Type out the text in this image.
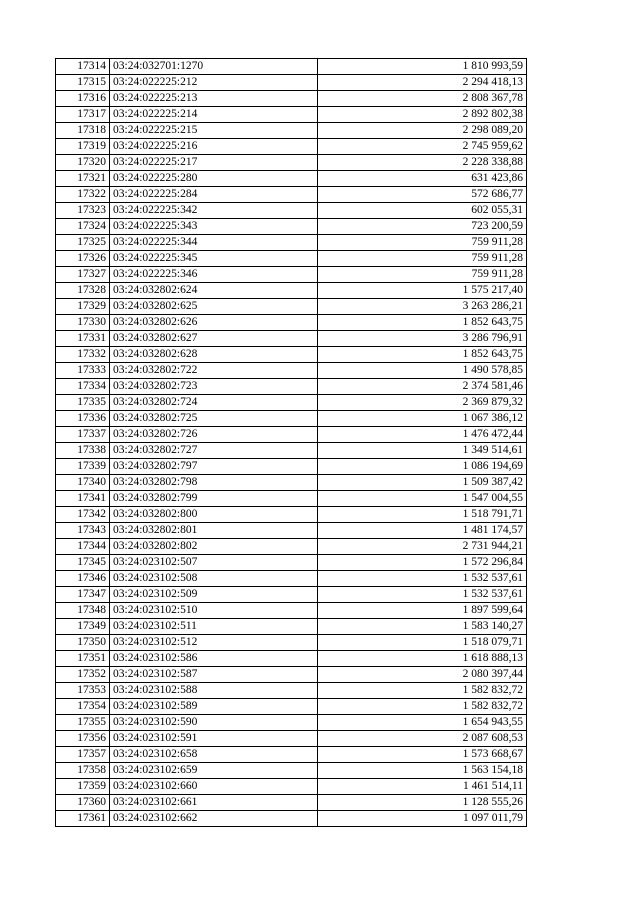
17314	03:24:032701:1270	1 810 993,59
17315	03:24:022225:212	2 294 418,13
17316	03:24:022225:213	2 808 367,78
17317	03:24:022225:214	2 892 802,38
17318	03:24:022225:215	2 298 089,20
17319	03:24:022225:216	2 745 959,62
17320	03:24:022225:217	2 228 338,88
17321	03:24:022225:280	631 423,86
17322	03:24:022225:284	572 686,77
17323	03:24:022225:342	602 055,31
17324	03:24:022225:343	723 200,59
17325	03:24:022225:344	759 911,28
17326	03:24:022225:345	759 911,28
17327	03:24:022225:346	759 911,28
17328	03:24:032802:624	1 575 217,40
17329	03:24:032802:625	3 263 286,21
17330	03:24:032802:626	1 852 643,75
17331	03:24:032802:627	3 286 796,91
17332	03:24:032802:628	1 852 643,75
17333	03:24:032802:722	1 490 578,85
17334	03:24:032802:723	2 374 581,46
17335	03:24:032802:724	2 369 879,32
17336	03:24:032802:725	1 067 386,12
17337	03:24:032802:726	1 476 472,44
17338	03:24:032802:727	1 349 514,61
17339	03:24:032802:797	1 086 194,69
17340	03:24:032802:798	1 509 387,42
17341	03:24:032802:799	1 547 004,55
17342	03:24:032802:800	1 518 791,71
17343	03:24:032802:801	1 481 174,57
17344	03:24:032802:802	2 731 944,21
17345	03:24:023102:507	1 572 296,84
17346	03:24:023102:508	1 532 537,61
17347	03:24:023102:509	1 532 537,61
17348	03:24:023102:510	1 897 599,64
17349	03:24:023102:511	1 583 140,27
17350	03:24:023102:512	1 518 079,71
17351	03:24:023102:586	1 618 888,13
17352	03:24:023102:587	2 080 397,44
17353	03:24:023102:588	1 582 832,72
17354	03:24:023102:589	1 582 832,72
17355	03:24:023102:590	1 654 943,55
17356	03:24:023102:591	2 087 608,53
17357	03:24:023102:658	1 573 668,67
17358	03:24:023102:659	1 563 154,18
17359	03:24:023102:660	1 461 514,11
17360	03:24:023102:661	1 128 555,26
17361	03:24:023102:662	1 097 011,79
